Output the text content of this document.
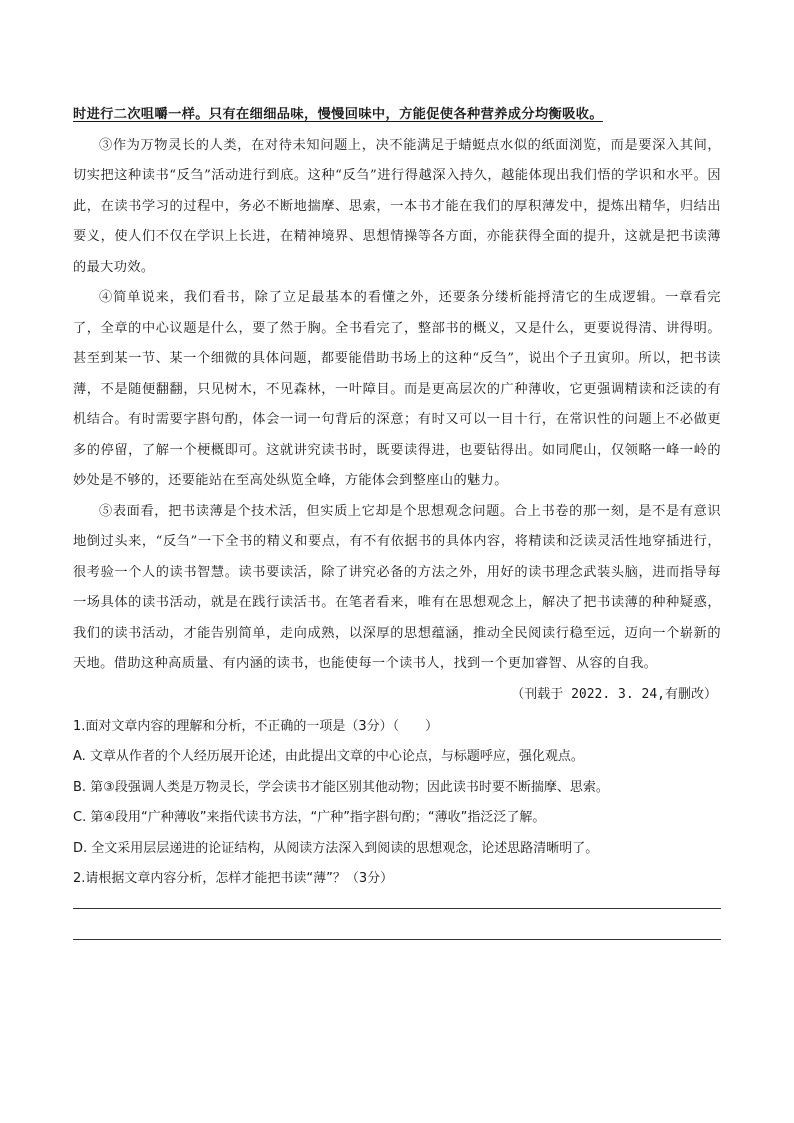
时进行二次咀嚼一样。只有在细细品味，慢慢回味中，方能促使各种营养成分均衡吸收。

③作为万物灵长的人类，在对待未知问题上，决不能满足于蜻蜓点水似的纸面浏览，而是要深入其间，切实把这种读书“反刍”活动进行到底。这种“反刍”进行得越深入持久，越能体现出我们悟的学识和水平。因此，在读书学习的过程中，务必不断地揣摩、思索，一本书才能在我们的厚积薄发中，提炼出精华，归结出要义，使人们不仅在学识上长进，在精神境界、思想情操等各方面，亦能获得全面的提升，这就是把书读薄的最大功效。

④简单说来，我们看书，除了立足最基本的看懂之外，还要条分缕析能捋清它的生成逻辑。一章看完了，全章的中心议题是什么，要了然于胸。全书看完了，整部书的概义，又是什么，更要说得清、讲得明。甚至到某一节、某一个细微的具体问题，都要能借助书场上的这种“反刍”，说出个子丑寅卯。所以，把书读薄，不是随便翻翻，只见树木，不见森林，一叶障目。而是更高层次的广种薄收，它更强调精读和泛读的有机结合。有时需要字斟句酌，体会一词一句背后的深意；有时又可以一目十行，在常识性的问题上不必做更多的停留，了解一个梗概即可。这就讲究读书时，既要读得进，也要钻得出。如同爬山，仅领略一峰一岭的妙处是不够的，还要能站在至高处纵览全峰，方能体会到整座山的魅力。

⑤表面看，把书读薄是个技术活，但实质上它却是个思想观念问题。合上书卷的那一刻，是不是有意识地倒过头来，“反刍”一下全书的精义和要点，有不有依据书的具体内容，将精读和泛读灵活性地穿插进行，很考验一个人的读书智慧。读书要读活，除了讲究必备的方法之外，用好的读书理念武装头脑，进而指导每一场具体的读书活动，就是在践行读活书。在笔者看来，唯有在思想观念上，解决了把书读薄的种种疑惑，我们的读书活动，才能告别简单，走向成熟，以深厚的思想蕴涵，推动全民阅读行稳至远，迈向一个崭新的天地。借助这种高质量、有内涵的读书，也能使每一个读书人，找到一个更加睿智、从容的自我。

（刊载于 2022. 3. 24,有删改）
1.面对文章内容的理解和分析，不正确的一项是（3分）（　　）
A. 文章从作者的个人经历展开论述，由此提出文章的中心论点，与标题呼应，强化观点。
B. 第③段强调人类是万物灵长，学会读书才能区别其他动物；因此读书时要不断揣摩、思索。
C. 第④段用“广种薄收”来指代读书方法，“广种”指字斟句酌；“薄收”指泛泛了解。
D. 全文采用层层递进的论证结构，从阅读方法深入到阅读的思想观念，论述思路清晰明了。
2.请根据文章内容分析，怎样才能把书读“薄”？（3分）
